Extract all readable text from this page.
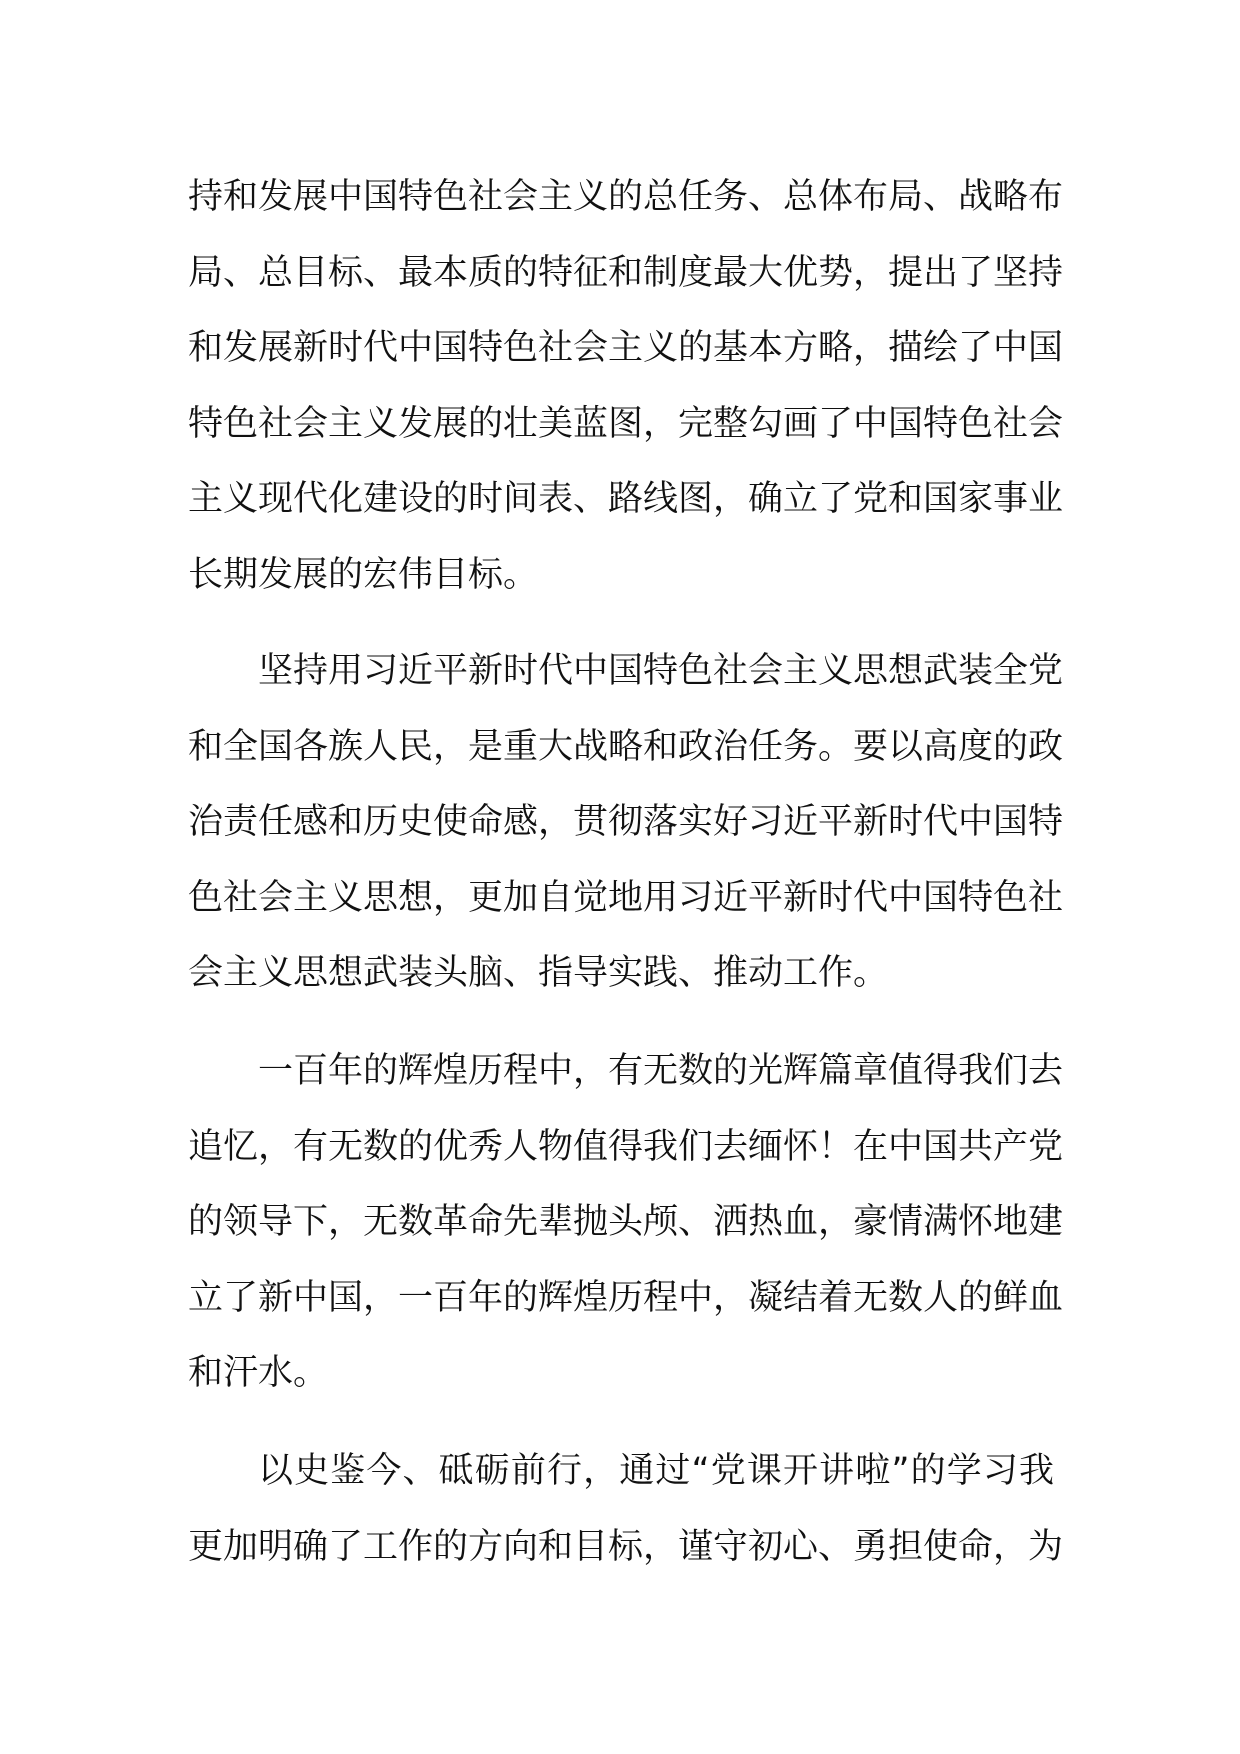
持和发展中国特色社会主义的总任务、总体布局、战略布
局、总目标、最本质的特征和制度最大优势，提出了坚持
和发展新时代中国特色社会主义的基本方略，描绘了中国
特色社会主义发展的壮美蓝图，完整勾画了中国特色社会
主义现代化建设的时间表、路线图，确立了党和国家事业
长期发展的宏伟目标。
坚持用习近平新时代中国特色社会主义思想武装全党
和全国各族人民，是重大战略和政治任务。要以高度的政
治责任感和历史使命感，贯彻落实好习近平新时代中国特
色社会主义思想，更加自觉地用习近平新时代中国特色社
会主义思想武装头脑、指导实践、推动工作。
一百年的辉煌历程中，有无数的光辉篇章值得我们去
追忆，有无数的优秀人物值得我们去缅怀！在中国共产党
的领导下，无数革命先辈抛头颅、洒热血，豪情满怀地建
立了新中国，一百年的辉煌历程中，凝结着无数人的鲜血
和汗水。
以史鉴今、砥砺前行，通过“党课开讲啦”的学习我
更加明确了工作的方向和目标，谨守初心、勇担使命，为
